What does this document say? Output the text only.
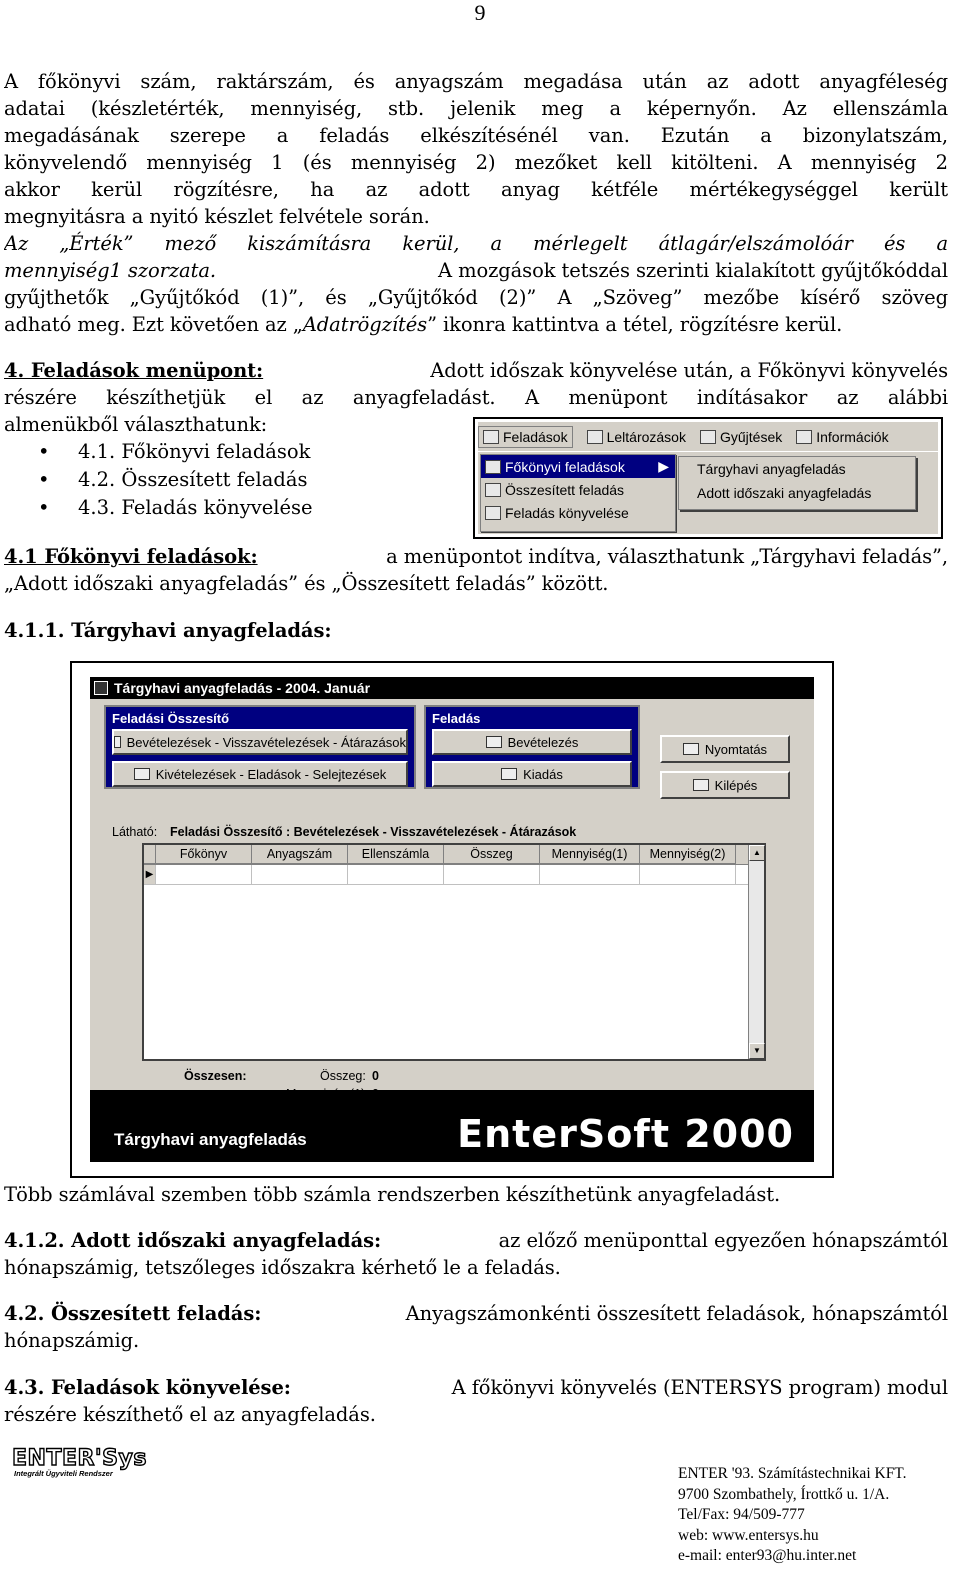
9
A főkönyvi szám, raktárszám, és anyagszám megadása után az adott anyagféleség
adatai (készletérték, mennyiség, stb. jelenik meg a képernyőn. Az ellenszámla
megadásának szerepe a feladás elkészítésénél van. Ezután a bizonylatszám,
könyvelendő mennyiség 1 (és mennyiség 2) mezőket kell kitölteni. A mennyiség 2
akkor kerül rögzítésre, ha az adott anyag kétféle mértékegységgel került
megnyitásra a nyitó készlet felvétele során.
Az „Érték” mező kiszámításra kerül, a mérlegelt átlagár/elszámolóár és a
mennyiség1 szorzata.	A mozgások tetszés szerinti kialakított gyűjtőkóddal
gyűjthetők „Gyűjtőkód (1)”, és „Gyűjtőkód (2)” A „Szöveg” mezőbe kísérő szöveg
adható meg. Ezt követően az „Adatrögzítés” ikonra kattintva a tétel, rögzítésre kerül.
4. Feladások menüpont:	Adott időszak könyvelése után, a Főkönyvi könyvelés
részére készíthetjük el az anyagfeladást. A menüpont indításakor az alábbi
almenükből választhatunk:
• 4.1. Főkönyvi feladások
• 4.2. Összesített feladás
• 4.3. Feladás könyvelése
Feladások	Leltározások Gyűjtések Információk
Főkönyvi feladások ▶
Összesített feladás
Feladás könyvelése
Tárgyhavi anyagfeladás
Adott időszaki anyagfeladás
4.1 Főkönyvi feladások:	a menüpontot indítva, választhatunk „Tárgyhavi feladás”,
„Adott időszaki anyagfeladás” és „Összesített feladás” között.
4.1.1. Tárgyhavi anyagfeladás:
Tárgyhavi anyagfeladás - 2004. Január
Feladási Összesítő
Bevételezések - Visszavételezések - Átárazások
Kivételezések - Eladások - Selejtezések
Feladás
Bevételezés
Kiadás
Nyomtatás
Kilépés
Látható: Feladási Összesítő : Bevételezések - Visszavételezések - Átárazások
Főkönyv	Anyagszám	Ellenszámla	Összeg	Mennyiség(1)	Mennyiség(2)
▶
▲
▼
Összesen:	Összeg: 0
Tárgyhavi anyagfeladás	EnterSoft 2000
Több számlával szemben több számla rendszerben készíthetünk anyagfeladást.
4.1.2. Adott időszaki anyagfeladás:	az előző menüponttal egyezően hónapszámtól
hónapszámig, tetszőleges időszakra kérhető le a feladás.
4.2. Összesített feladás:	Anyagszámonkénti összesített feladások, hónapszámtól
hónapszámig.
4.3. Feladások könyvelése:	A főkönyvi könyvelés (ENTERSYS program) modul
részére készíthető el az anyagfeladás.
ENTER'Sys
Integrált Ügyviteli Rendszer	ENTER '93. Számítástechnikai KFT.
9700 Szombathely, Írottkő u. 1/A.
Tel/Fax: 94/509-777
web: www.entersys.hu
e-mail: enter93@hu.inter.net
